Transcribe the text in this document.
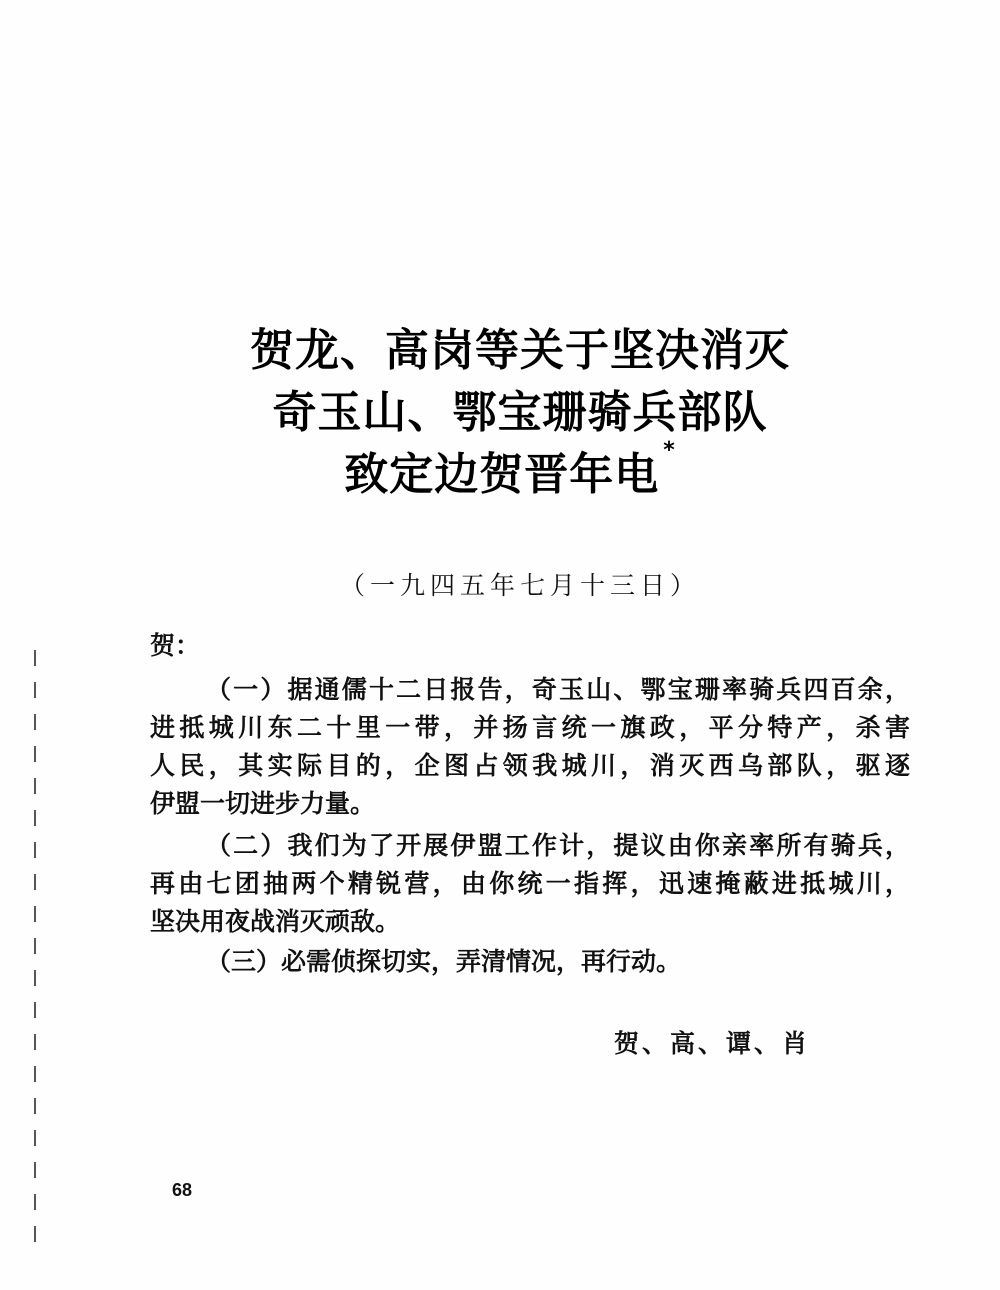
贺龙、高岗等关于坚决消灭
奇玉山、鄂宝珊骑兵部队
致定边贺晋年电 *
（一九四五年七月十三日）
贺：
（一）据通儒十二日报告，奇玉山、鄂宝珊率骑兵四百余，
进抵城川东二十里一带，并扬言统一旗政，平分特产，杀害
人民，其实际目的，企图占领我城川，消灭西乌部队，驱逐
伊盟一切进步力量。
（二）我们为了开展伊盟工作计，提议由你亲率所有骑兵，
再由七团抽两个精锐营，由你统一指挥，迅速掩蔽进抵城川，
坚决用夜战消灭顽敌。
（三）必需侦探切实，弄清情况，再行动。
贺、高、谭、肖
68
